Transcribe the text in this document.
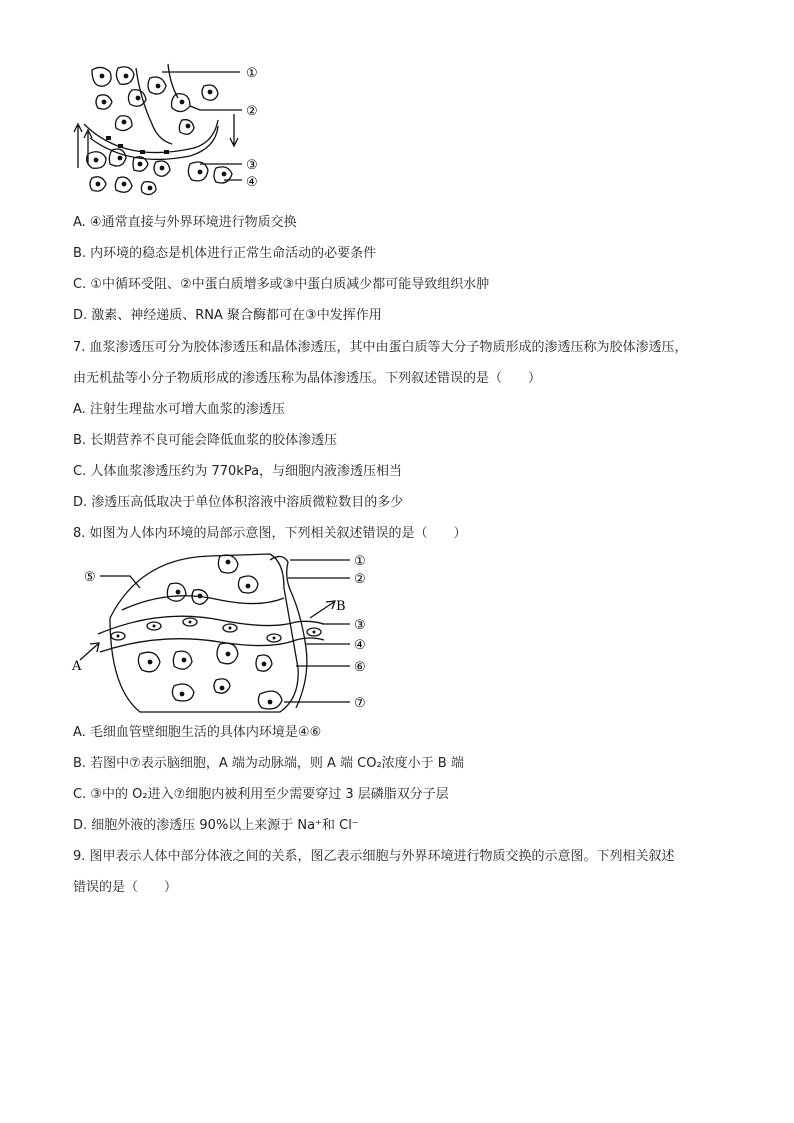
①
②
③
④
A. ④通常直接与外界环境进行物质交换
B. 内环境的稳态是机体进行正常生命活动的必要条件
C. ①中循环受阻、②中蛋白质增多或③中蛋白质减少都可能导致组织水肿
D. 激素、神经递质、RNA 聚合酶都可在③中发挥作用
7. 血浆渗透压可分为胶体渗透压和晶体渗透压，其中由蛋白质等大分子物质形成的渗透压称为胶体渗透压，
由无机盐等小分子物质形成的渗透压称为晶体渗透压。下列叙述错误的是（　　）
A. 注射生理盐水可增大血浆的渗透压
B. 长期营养不良可能会降低血浆的胶体渗透压
C. 人体血浆渗透压约为 770kPa，与细胞内液渗透压相当
D. 渗透压高低取决于单位体积溶液中溶质微粒数目的多少
8. 如图为人体内环境的局部示意图，下列相关叙述错误的是（　　）
①
②
③
④
⑤
⑥
⑦
A
B
A. 毛细血管壁细胞生活的具体内环境是④⑥
B. 若图中⑦表示脑细胞，A 端为动脉端，则 A 端 CO₂浓度小于 B 端
C. ③中的 O₂进入⑦细胞内被利用至少需要穿过 3 层磷脂双分子层
D. 细胞外液的渗透压 90%以上来源于 Na⁺和 Cl⁻
9. 图甲表示人体中部分体液之间的关系，图乙表示细胞与外界环境进行物质交换的示意图。下列相关叙述
错误的是（　　）
